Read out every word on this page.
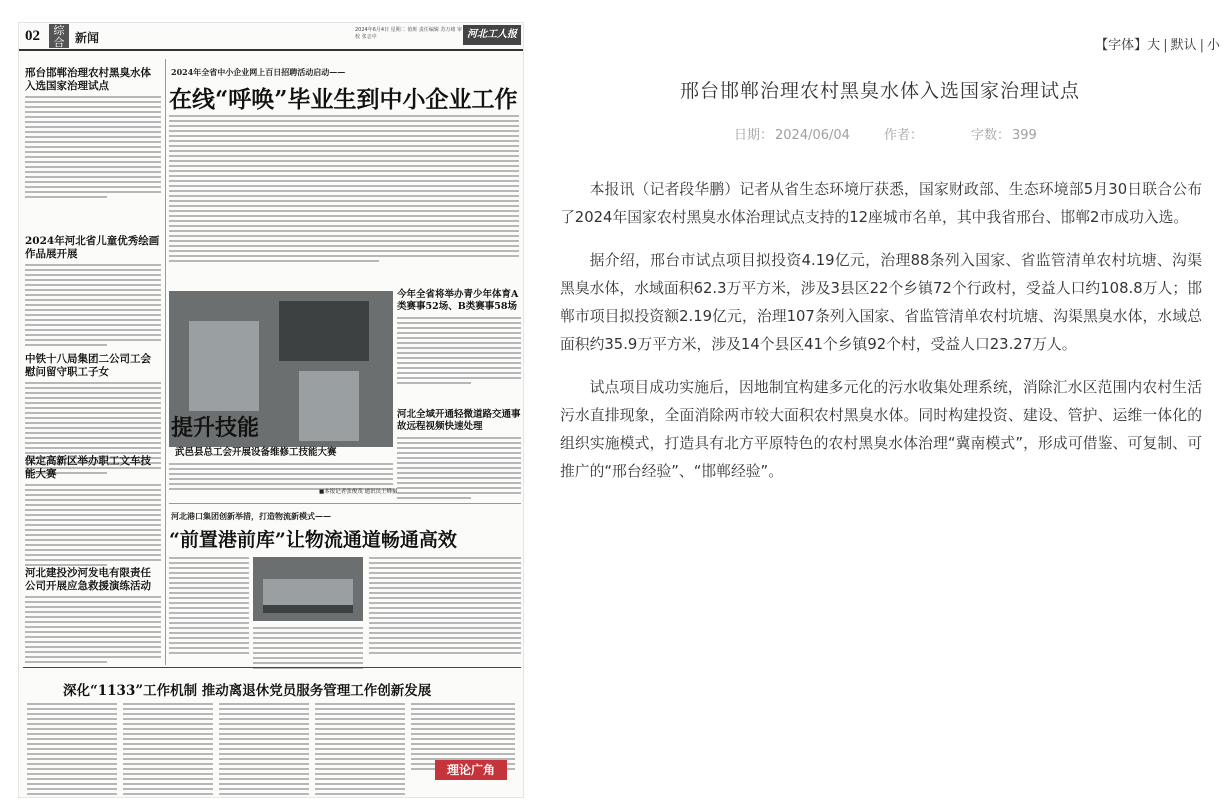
02	综合 新闻
2024年6月4日 星期二 值班 责任编辑 苏万绪 审校 张志中	河北工人报
邢台邯郸治理农村黑臭水体入选国家治理试点
2024年河北省儿童优秀绘画作品展开展
中铁十八局集团二公司工会慰问留守职工子女
保定高新区举办职工文车技能大赛
河北建投沙河发电有限责任公司开展应急救援演练活动
2024年全省中小企业网上百日招聘活动启动——
在线“呼唤”毕业生到中小企业工作
提升技能
武邑县总工会开展设备维修工技能大赛
■本报记者张俊茂 通讯员王峰摄
今年全省将举办青少年体育A类赛事52场、B类赛事58场
河北全域开通轻微道路交通事故远程视频快速处理
河北港口集团创新举措，打造物流新模式——
“前置港前库”让物流通道畅通高效
深化“1133”工作机制 推动离退休党员服务管理工作创新发展
理论广角
【字体】大 | 默认 | 小
邢台邯郸治理农村黑臭水体入选国家治理试点
日期： 2024/06/04	作者：	字数： 399

本报讯（记者段华鹏）记者从省生态环境厅获悉，国家财政部、生态环境部5月30日联合公布了2024年国家农村黑臭水体治理试点支持的12座城市名单，其中我省邢台、邯郸2市成功入选。

据介绍，邢台市试点项目拟投资4.19亿元，治理88条列入国家、省监管清单农村坑塘、沟渠黑臭水体，水域面积62.3万平方米，涉及3县区22个乡镇72个行政村，受益人口约108.8万人；邯郸市项目拟投资额2.19亿元，治理107条列入国家、省监管清单农村坑塘、沟渠黑臭水体，水域总面积约35.9万平方米，涉及14个县区41个乡镇92个村，受益人口23.27万人。

试点项目成功实施后，因地制宜构建多元化的污水收集处理系统，消除汇水区范围内农村生活污水直排现象，全面消除两市较大面积农村黑臭水体。同时构建投资、建设、管护、运维一体化的组织实施模式，打造具有北方平原特色的农村黑臭水体治理“冀南模式”，形成可借鉴、可复制、可推广的“邢台经验”、“邯郸经验”。
